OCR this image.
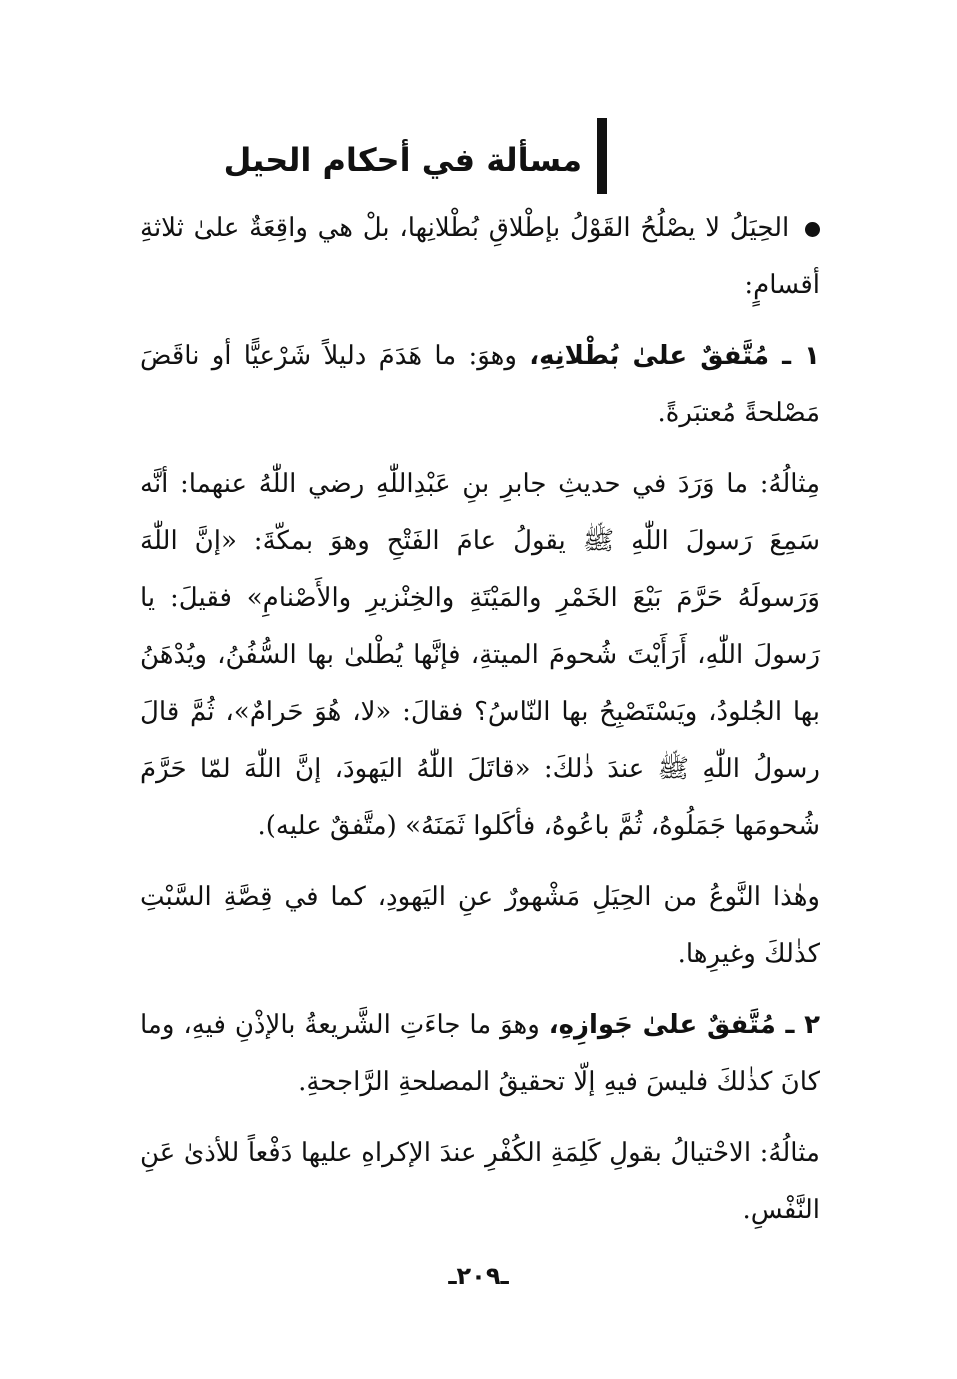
مسألة في أحكام الحيل

الحِيَلُ لا يصْلُحُ القَوْلُ بإطْلاقِ بُطْلانِها، بلْ هي واقِعَةٌ علىٰ ثلاثةِ أقسامٍ:

١ ـ مُتَّفقٌ علىٰ بُطْلانِهِ، وهوَ: ما هَدَمَ دليلاً شَرْعيًّا أو ناقَضَ مَصْلحةً مُعتبَرةً.

مِثالُهُ: ما وَرَدَ في حديثِ جابرِ بنِ عَبْدِاللّٰهِ رضي اللّٰهُ عنهما: أنَّه سَمِعَ رَسولَ اللّٰهِ ﷺ يقولُ عامَ الفَتْحِ وهوَ بمكّةَ: «إنَّ اللّٰهَ وَرَسولَهُ حَرَّمَ بَيْعَ الخَمْرِ والمَيْتَةِ والخِنْزيرِ والأَصْنامِ» فقيلَ: يا رَسولَ اللّٰهِ، أَرَأَيْتَ شُحومَ الميتةِ، فإنَّها يُطْلىٰ بها السُّفُنُ، ويُدْهَنُ بها الجُلودُ، ويَسْتَصْبِحُ بها النّاسُ؟ فقالَ: «لا، هُوَ حَرامٌ»، ثُمَّ قالَ رسولُ اللّٰهِ ﷺ عندَ ذٰلكَ: «قاتَلَ اللّٰهُ اليَهودَ، إنَّ اللّٰهَ لمّا حَرَّمَ شُحومَها جَمَلُوهُ، ثُمَّ باعُوهُ، فأكَلوا ثَمَنَهُ» (متَّفقٌ عليه).

وهٰذا النَّوعُ من الحِيَلِ مَشْهورٌ عنِ اليَهودِ، كما في قِصَّةِ السَّبْتِ كذٰلكَ وغيرِها.

٢ ـ مُتَّفقٌ علىٰ جَوازِهِ، وهوَ ما جاءَتِ الشَّريعةُ بالإذْنِ فيهِ، وما كانَ كذٰلكَ فليسَ فيهِ إلّا تحقيقُ المصلحةِ الرَّاجحةِ.

مثالُهُ: الاحْتيالُ بقولِ كَلِمَةِ الكُفْرِ عندَ الإكراهِ عليها دَفْعاً للأذىٰ عَنِ النَّفْسِ.

ـ٢٠٩ـ
